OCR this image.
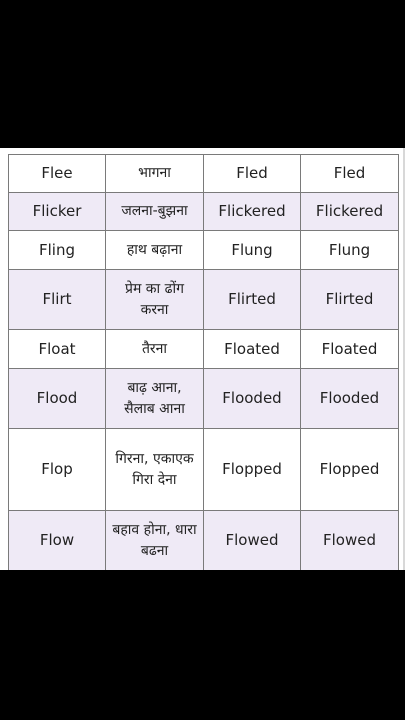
Flee	भागना	Fled	Fled
Flicker	जलना-बुझना	Flickered	Flickered
Fling	हाथ बढ़ाना	Flung	Flung
Flirt	प्रेम का ढोंग करना	Flirted	Flirted
Float	तैरना	Floated	Floated
Flood	बाढ़ आना, सैलाब आना	Flooded	Flooded
Flop	गिरना, एकाएक गिरा देना	Flopped	Flopped
Flow	बहाव होना, धारा बढना	Flowed	Flowed
